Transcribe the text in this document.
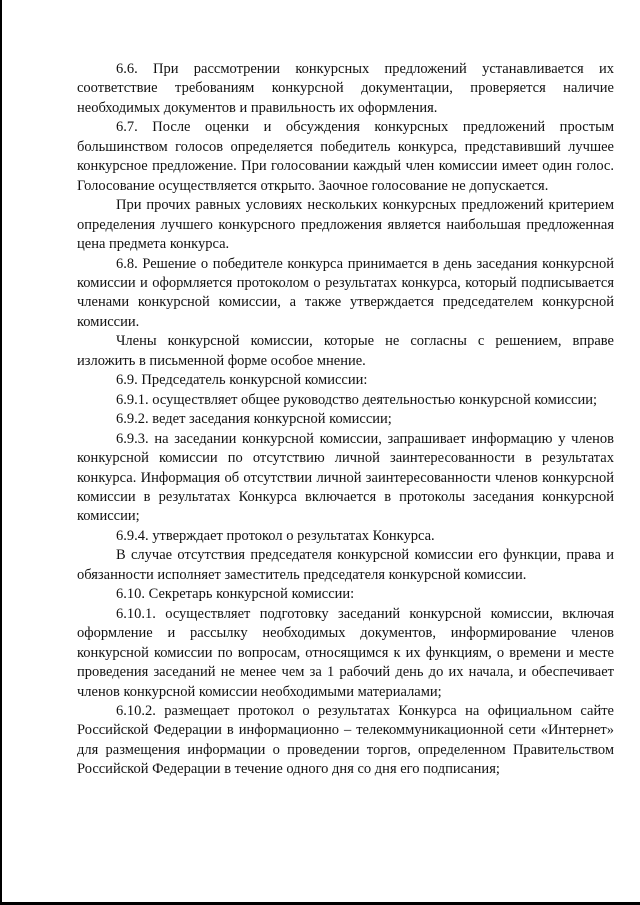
6.6. При рассмотрении конкурсных предложений устанавливается их соответствие требованиям конкурсной документации, проверяется наличие необходимых документов и правильность их оформления.

6.7. После оценки и обсуждения конкурсных предложений простым большинством голосов определяется победитель конкурса, представивший лучшее конкурсное предложение. При голосовании каждый член комиссии имеет один голос. Голосование осуществляется открыто. Заочное голосование не допускается.

При прочих равных условиях нескольких конкурсных предложений критерием определения лучшего конкурсного предложения является наибольшая предложенная цена предмета конкурса.

6.8. Решение о победителе конкурса принимается в день заседания конкурсной комиссии и оформляется протоколом о результатах конкурса, который подписывается членами конкурсной комиссии, а также утверждается председателем конкурсной комиссии.

Члены конкурсной комиссии, которые не согласны с решением, вправе изложить в письменной форме особое мнение.

6.9. Председатель конкурсной комиссии:

6.9.1. осуществляет общее руководство деятельностью конкурсной комиссии;

6.9.2. ведет заседания конкурсной комиссии;

6.9.3. на заседании конкурсной комиссии, запрашивает информацию у членов конкурсной комиссии по отсутствию личной заинтересованности в результатах конкурса. Информация об отсутствии личной заинтересованности членов конкурсной комиссии в результатах Конкурса включается в протоколы заседания конкурсной комиссии;

6.9.4. утверждает протокол о результатах Конкурса.

В случае отсутствия председателя конкурсной комиссии его функции, права и обязанности исполняет заместитель председателя конкурсной комиссии.

6.10. Секретарь конкурсной комиссии:

6.10.1. осуществляет подготовку заседаний конкурсной комиссии, включая оформление и рассылку необходимых документов, информирование членов конкурсной комиссии по вопросам, относящимся к их функциям, о времени и месте проведения заседаний не менее чем за 1 рабочий день до их начала, и обеспечивает членов конкурсной комиссии необходимыми материалами;

6.10.2. размещает протокол о результатах Конкурса на официальном сайте Российской Федерации в информационно – телекоммуникационной сети «Интернет» для размещения информации о проведении торгов, определенном Правительством Российской Федерации в течение одного дня со дня его подписания;
